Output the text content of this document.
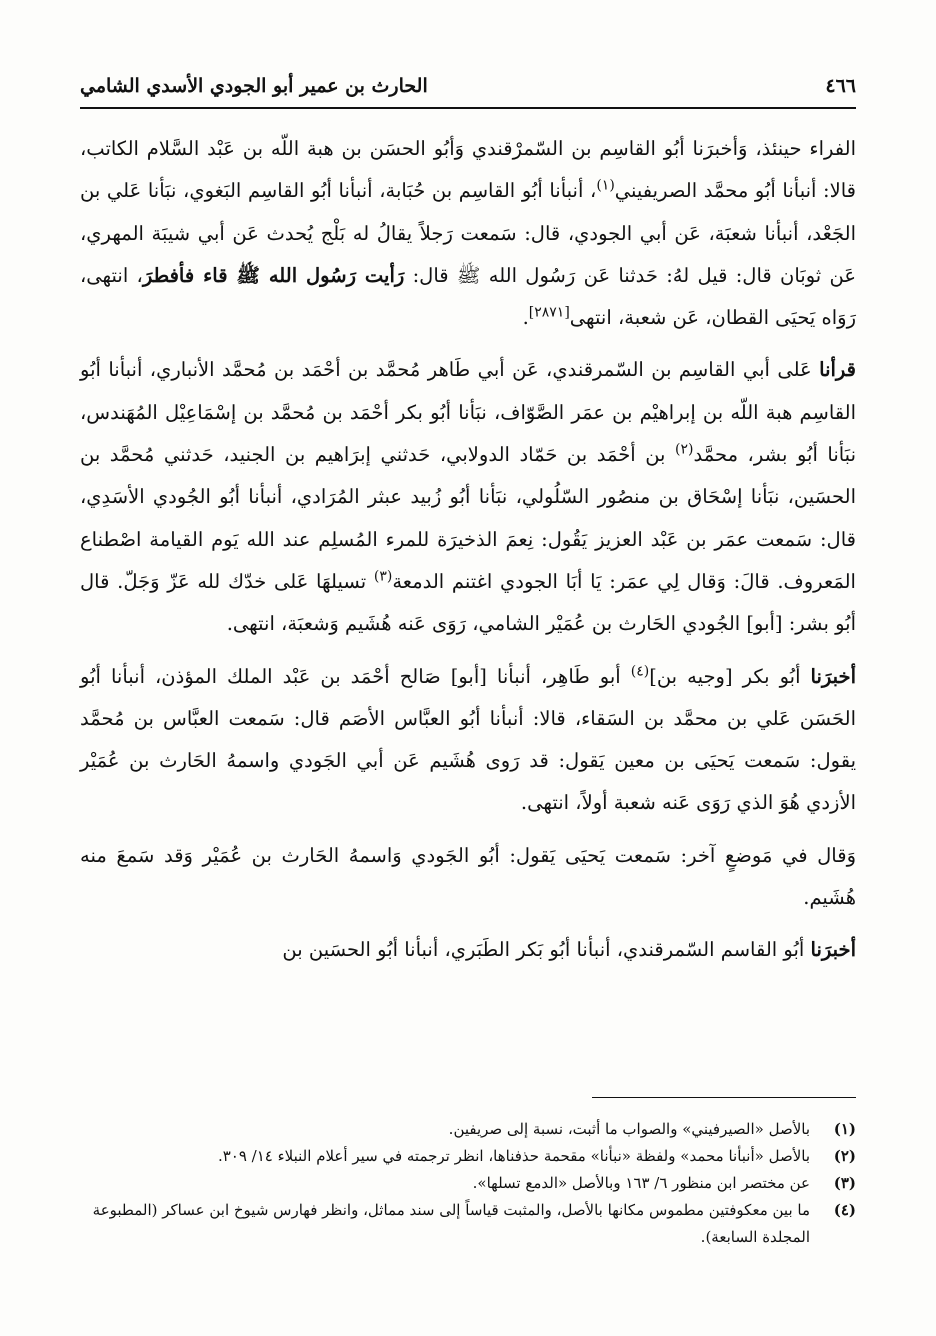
٤٦٦
الحارث بن عمير أبو الجودي الأسدي الشامي

الفراء حينئذ، وَأخبرَنا أبُو القاسِم بن السّمرْقندي وَأبُو الحسَن بن هبة اللّه بن عَبْد السَّلام الكاتب، قالا: أنبأنا أبُو محمَّد الصريفيني$^{(١)}$، أنبأنا أبُو القاسِم بن حُبَابة، أنبأنا أبُو القاسِم البَغوي، نبَأنا عَلي بن الجَعْد، أنبأنا شعبَة، عَن أبي الجودي، قال: سَمعت رَجلاً يقالُ له بَلْج يُحدث عَن أبي شيبَة المهري، عَن ثوبَان قال: قيل لهُ: حَدثنا عَن رَسُول الله ﷺ قال: رَأيت رَسُول الله ﷺ قاء فأفطرَ، انتهى، رَوَاه يَحيَى القطان، عَن شعبة، انتهى[٢٨٧١].

قرأنا عَلى أبي القاسِم بن السّمرقندي، عَن أبي طَاهر مُحمَّد بن أحْمَد بن مُحمَّد الأنباري، أنبأنا أبُو القاسِم هبة اللّه بن إبراهيْم بن عمَر الصَّوّاف، نبَأنا أبُو بكر أحْمَد بن مُحمَّد بن إسْمَاعِيْل المُهَندس، نبَأنا أبُو بشر، محمَّد$^{(٢)}$ بن أحْمَد بن حَمّاد الدولابي، حَدثني إبرَاهيم بن الجنيد، حَدثني مُحمَّد بن الحسَين، نبَأنا إسْحَاق بن منصُور السّلُولي، نبَأنا أبُو زُبيد عبثر المُرَادي، أنبأنا أبُو الجُودي الأسَدِي، قال: سَمعت عمَر بن عَبْد العزيز يَقُول: نِعمَ الذخيرَة للمرء المُسلِم عند الله يَوم القيامة اصْطناع المَعروف. قالَ: وَقال لِي عمَر: يَا أبَا الجودي اغتنم الدمعة$^{(٣)}$ تسيلهَا عَلى خدّك لله عَزّ وَجَلّ. قال أبُو بشر: [أبو] الجُودي الحَارث بن عُمَيْر الشامي، رَوَى عَنه هُشَيم وَشعبَة، انتهى.

أخبرَنا أبُو بكر [وجيه بن]$^{(٤)}$ أبو طَاهِر، أنبأنا [أبو] صَالح أحْمَد بن عَبْد الملك المؤذن، أنبأنا أبُو الحَسَن عَلي بن محمَّد بن السَقاء، قالا: أنبأنا أبُو العبَّاس الأصَم قال: سَمعت العبَّاس بن مُحمَّد يقول: سَمعت يَحيَى بن معين يَقول: قد رَوى هُشَيم عَن أبي الجَودي واسمهُ الحَارث بن عُمَيْر الأزدي هُوَ الذي رَوَى عَنه شعبة أولاً، انتهى.

وَقال في مَوضعٍ آخر: سَمعت يَحيَى يَقول: أبُو الجَودي وَاسمهُ الحَارث بن عُمَيْر وَقد سَمعَ منه هُشَيم.

أخبرَنا أبُو القاسم السّمرقندي، أنبأنا أبُو بَكر الطَبَري، أنبأنا أبُو الحسَين بن

(١)
بالأصل «الصيرفيني» والصواب ما أثبت، نسبة إلى صريفين.
(٢)
بالأصل «أنبأنا محمد» ولفظة «نبأنا» مقحمة حذفناها، انظر ترجمته في سير أعلام النبلاء ١٤/ ٣٠٩.
(٣)
عن مختصر ابن منظور ٦/ ١٦٣ وبالأصل «الدمع تسلها».
(٤)
ما بين معكوفتين مطموس مكانها بالأصل، والمثبت قياساً إلى سند مماثل، وانظر فهارس شيوخ ابن عساكر (المطبوعة المجلدة السابعة).
